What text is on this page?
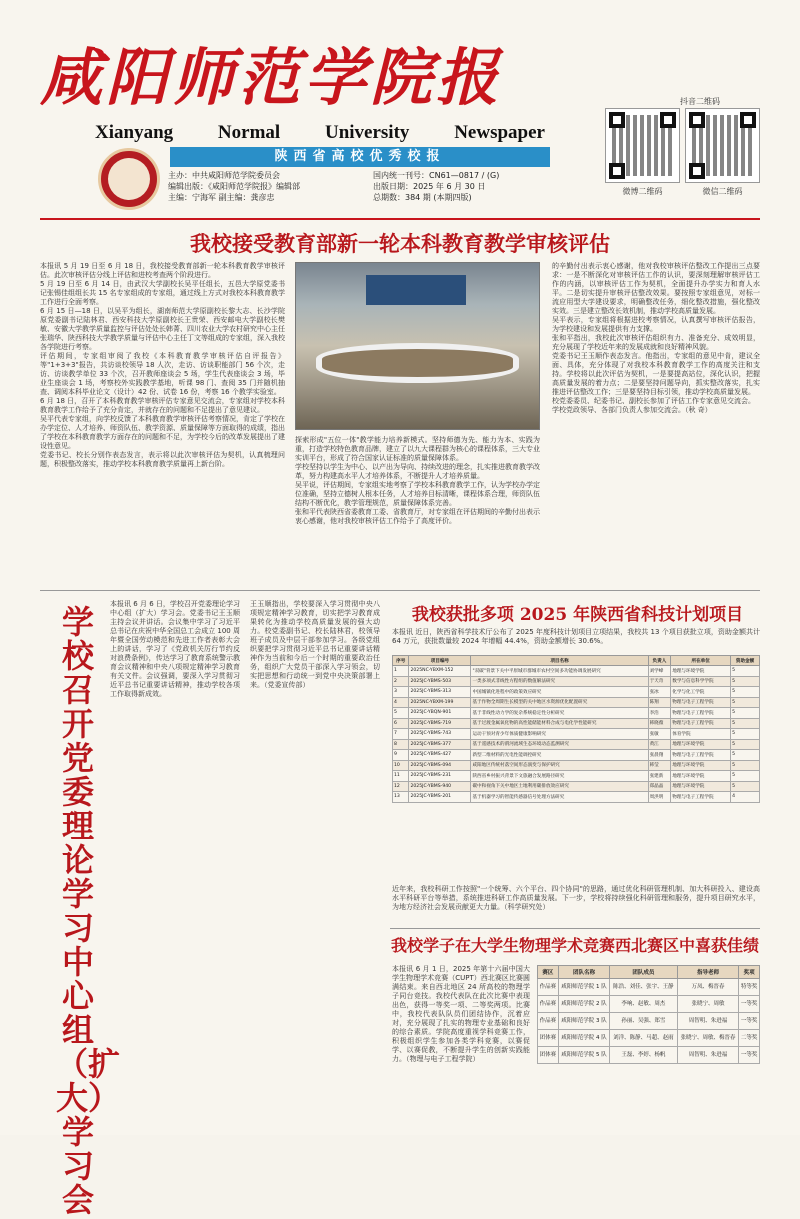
咸阳师范学院报
Xianyang Normal University Newspaper
陕西省高校优秀校报
主办：中共咸阳师范学院委员会	国内统一刊号：CN61—0817 / (G)
编辑出版：《咸阳师范学院报》编辑部	出版日期：2025 年 6 月 30 日
主编：宁海军 副主编：龚彦忠	总期数：384 期 (本期四版)
抖音二维码
微博二维码	微信二维码
我校接受教育部新一轮本科教育教学审核评估

本报讯 5 月 19 日至 6 月 18 日，我校接受教育部新一轮本科教育教学审核评估。此次审核评估分线上评估和进校考查两个阶段进行。

5 月 19 日至 6 月 14 日，由武汉大学副校长吴平任组长，五邑大学原党委书记张锡佳组组长共 15 名专家组成的专家组，通过线上方式对我校本科教育教学工作进行全面考察。

6 月 15 日—18 日，以吴平为组长，湖南师范大学原副校长黎大志、长沙学院原党委副书记陆林君、西安科技大学原副校长王贵荣、西安邮电大学副校长樊敏、安徽大学教学质量监控与评估处处长韩菁、四川农业大学农村研究中心主任张瑞华、陕西科技大学教学质量与评估中心主任丁文等组成的专家组，深入我校各学院进行考察。

评估期间，专家组审阅了我校《本科教育教学审核评估自评报告》等"1+3+3"报告，共访谈校领导 18 人次，走访、访谈职能部门 56 个次，走访、访谈教学单位 33 个次，召开教师座谈会 5 场，学生代表座谈会 3 场，毕业生座谈会 1 场，考察校外实践教学基地，听课 98 门、查阅 35 门并随机抽查、调阅本科毕业论文（设计）42 份、试卷 16 份，考察 16 个教学实验室。

6 月 18 日，召开了本科教育教学审核评估专家意见交流会，专家组对学校本科教育教学工作给予了充分肯定，并就存在的问题和不足提出了意见建议。

吴平代表专家组，向学校反馈了本科教育教学审核评估考察情况，肯定了学校在办学定位、人才培养、师资队伍、教学资源、质量保障等方面取得的成绩，指出了学校在本科教育教学方面存在的问题和不足，为学校今后的改革发展提出了建设性意见。

党委书记、校长分别作表态发言，表示将以此次审核评估为契机，认真梳理问题，积极整改落实，推动学校本科教育教学质量再上新台阶。

探索形成"五位一体"教学能力培养新模式。坚持师德为先、能力为本、实践为重，打造学校特色教育品牌，建立了以九大课程群为核心的课程体系，三大专业实训平台，形成了符合国家认证标准的质量保障体系。

学校坚持以学生为中心、以产出为导向、持续改进的理念，扎实推进教育教学改革，努力构建高水平人才培养体系，不断提升人才培养质量。

吴平说，评估期间，专家组实地考察了学校本科教育教学工作，认为学校办学定位准确，坚持立德树人根本任务，人才培养目标清晰，课程体系合理，师资队伍结构不断优化，教学管理规范，质量保障体系完善。

张和平代表陕西省委教育工委、省教育厅，对专家组在评估期间的辛勤付出表示衷心感谢，他对我校审核评估工作给予了高度评价。

的辛勤付出表示衷心感谢，他对我校审核评估整改工作提出三点要求：一是不断深化对审核评估工作的认识，要深刻理解审核评估工作的内涵，以审核评估工作为契机，全面提升办学实力和育人水平。二是切实提升审核评估整改效果。要按照专家组意见，对标一流应用型大学建设要求，明确整改任务，细化整改措施，强化整改实效。三是建立整改长效机制，推动学校高质量发展。

吴平表示，专家组将根据进校考察情况，认真撰写审核评估报告，为学校建设和发展提供有力支撑。

张和平指出，我校此次审核评估组织有力、准备充分、成效明显，充分展现了学校近年来的发展成就和良好精神风貌。

党委书记王玉顺作表态发言。他指出，专家组的意见中肯，建议全面、具体，充分体现了对我校本科教育教学工作的高度关注和支持。学校将以此次评估为契机，一是要提高站位，深化认识，把握高质量发展的着力点；二是要坚持问题导向，抓实整改落实，扎实推进评估整改工作；三是要坚持目标引领，推动学校高质量发展。

校党委委员、纪委书记、副校长参加了评估工作专家意见交流会。

学校党政领导、各部门负责人参加交流会。（秋 奇）

学校召开党委理论学习中心组（扩大）学习会
本报讯 6 月 6 日，学校召开党委理论学习中心组（扩大）学习会。党委书记王玉顺主持会议并讲话。会议集中学习了习近平总书记在庆祝中华全国总工会成立 100 周年暨全国劳动模范和先进工作者表彰大会上的讲话，学习了《党政机关厉行节约反对浪费条例》，传达学习了教育系统警示教育会议精神和中央八项规定精神学习教育有关文件。会议强调，要深入学习贯彻习近平总书记重要讲话精神，推动学校各项工作取得新成效。
王玉顺指出，学校要深入学习贯彻中央八项规定精神学习教育，切实把学习教育成果转化为推动学校高质量发展的强大动力。校党委副书记、校长陆林君，校领导班子成员及中层干部参加学习。各级党组织要把学习贯彻习近平总书记重要讲话精神作为当前和今后一个时期的重要政治任务，组织广大党员干部深入学习领会，切实把思想和行动统一到党中央决策部署上来。（党委宣传部）
我校获批多项 2025 年陕西省科技计划项目
本报讯 近日，陕西省科学技术厅公布了 2025 年度科技计划项目立项结果，我校共 13 个项目获批立项，资助金额共计 64 万元，获批数量较 2024 年增幅 44.4%，资助金额增长 30.6%。
序号	项目编号	项目名称	负责人	所在单位	资助金额
1	2025NC-YBXM-152	"双碳"背景下关中平原城市群城市农村空间多功能协调发展研究	刘学峰	地理与环境学院	5
2	2025JC-YBMS-503	一类多项式非线性方程组的数值解法研究	于天奇	数学与信息科学学院	5
3	2025JC-YBMS-313	中国城镇化进程中的政策效应研究	张冰	化学与化工学院	5
4	2025NC-YBXM-199	基于作物全周期生长模型的关中地区水资源优化配置研究	陈翔	物理与电子工程学院	5
5	2025JC-YBQN-901	基于非线性动力学的复杂系统稳定性分析研究	李浩	物理与电子工程学院	5
6	2025JC-YBMS-719	基于过渡金属氧化物的高性能储能材料合成与电化学性能研究	韩晓薇	物理与电子工程学院	5
7	2025JC-YBMS-743	运动干预对青少年体质健康影响研究	张敏	体育学院	5
8	2025JC-YBMS-377	基于遥感技术的渭河流域生态环境动态监测研究	黄江	地理与环境学院	5
9	2025JC-YBMS-427	新型二维材料的光电性能调控研究	张晨翔	物理与电子工程学院	5
10	2025JC-YBMS-094	咸阳地区传统村落空间形态演变与保护研究	韩莹	地理与环境学院	5
11	2025JC-YBMS-231	陕西省乡村振兴背景下文旅融合发展路径研究	张建新	地理与环境学院	5
12	2025JC-YBMS-940	碳中和视角下关中地区土地利用碳排放效应研究	郑晶晶	地理与环境学院	5
13	2025JC-YBMS-201	基于机器学习的智能传感器信号处理方法研究	周洪明	物理与电子工程学院	4
近年来，我校科研工作按照"一个统筹、六个平台、四个协同"的思路，通过优化科研管理机制、加大科研投入、建设高水平科研平台等举措，系统推进科研工作高质量发展。下一步，学校将持续强化科研管理和服务，提升项目研究水平，为地方经济社会发展贡献更大力量。（科学研究处）
我校学子在大学生物理学术竞赛西北赛区中喜获佳绩
本报讯 6 月 1 日，2025 年第十六届中国大学生物理学术竞赛（CUPT）西北赛区比赛圆满结束。来自西北地区 24 所高校的物理学子同台竞技。我校代表队在此次比赛中表现出色，获得一等奖一项、二等奖两项。比赛中，我校代表队队员们团结协作，沉着应对，充分展现了扎实的物理专业基础和良好的综合素质。学院高度重视学科竞赛工作，积极组织学生参加各类学科竞赛，以赛促学、以赛促教，不断提升学生的创新实践能力。（物理与电子工程学院）
赛区	团队名称	团队成员	指导老师	奖项
作品赛	咸阳师范学院 1 队	陈浩、刘佳、张宇、王静	万凤、梅晋春	特等奖
作品赛	咸阳师范学院 2 队	李响、赵敏、周杰	张晓宁、周敏	一等奖
作品赛	咸阳师范学院 3 队	孙丽、吴强、郑雪	周智明、朱进福	一等奖
团体赛	咸阳师范学院 4 队	刘洋、陈静、马超、赵雨	张晓宁、周敏、梅晋春	二等奖
团体赛	咸阳师范学院 5 队	王磊、李婷、杨帆	周智明、朱进福	一等奖
